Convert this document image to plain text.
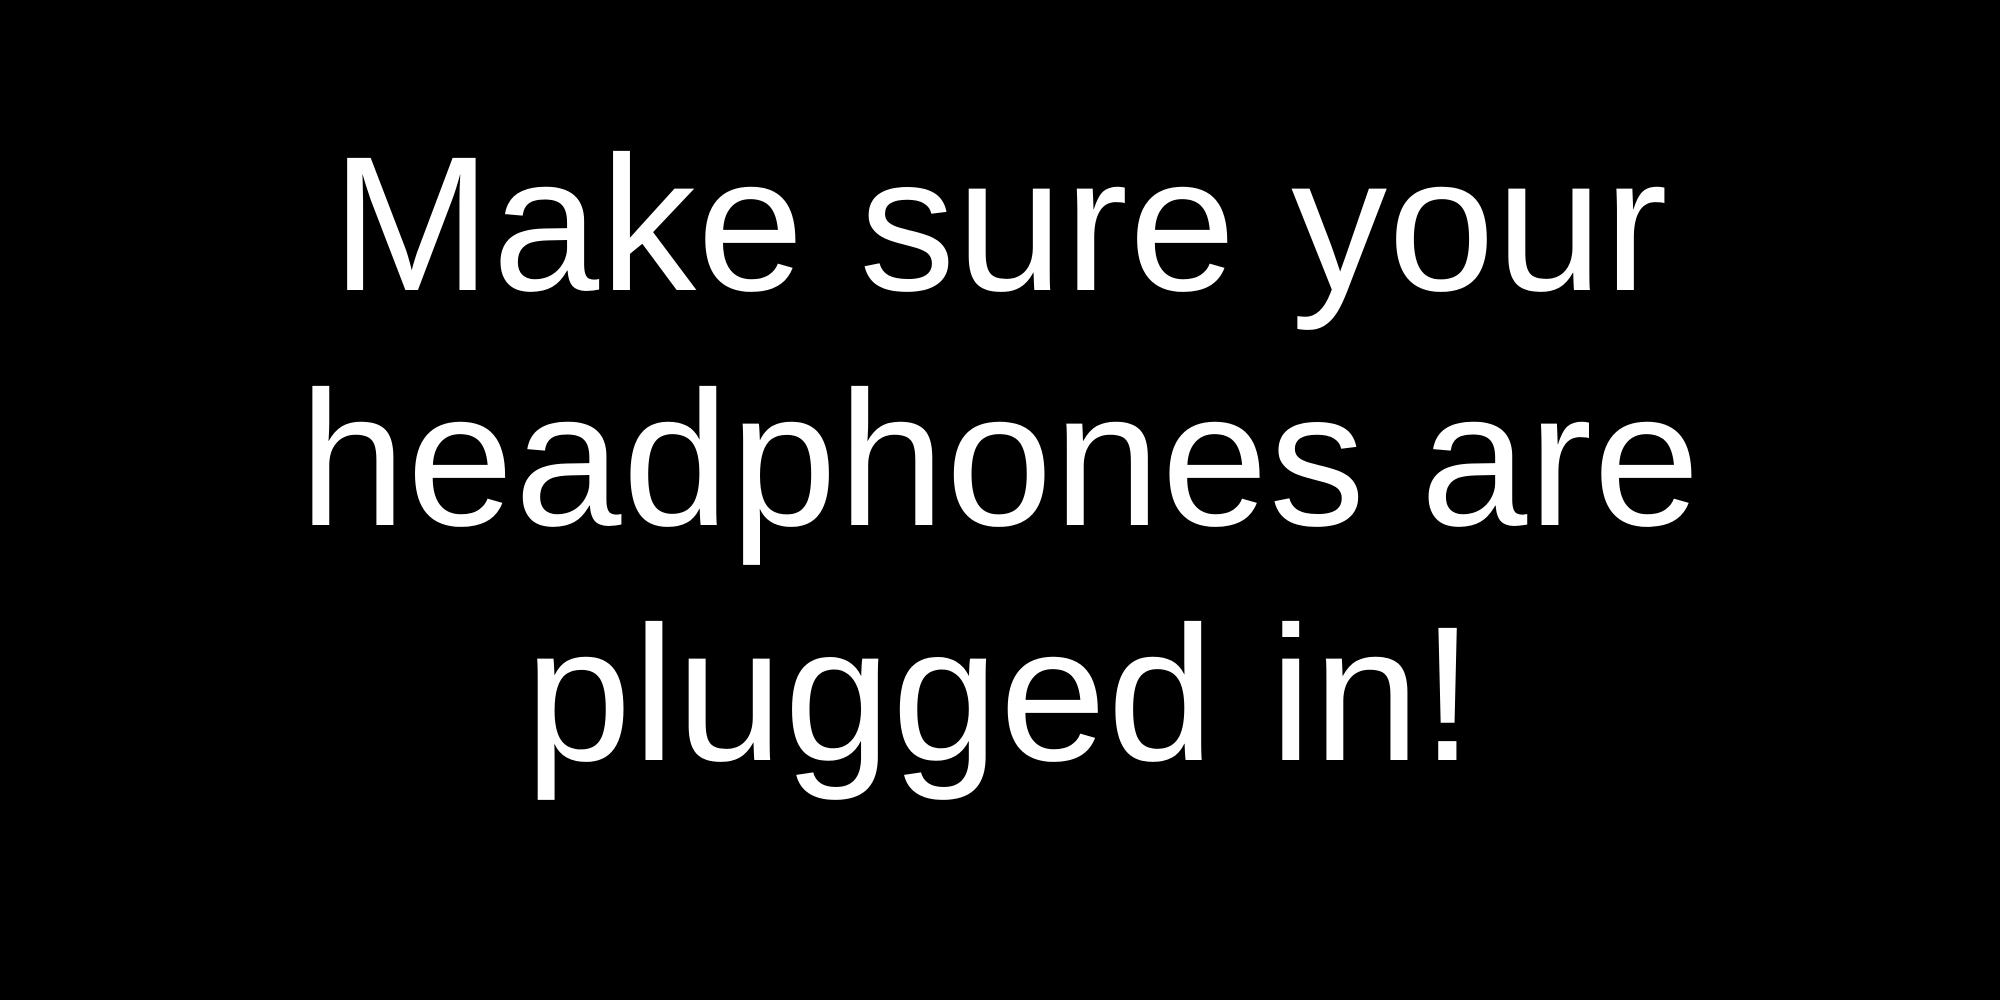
Make sure your
headphones are
plugged in!
